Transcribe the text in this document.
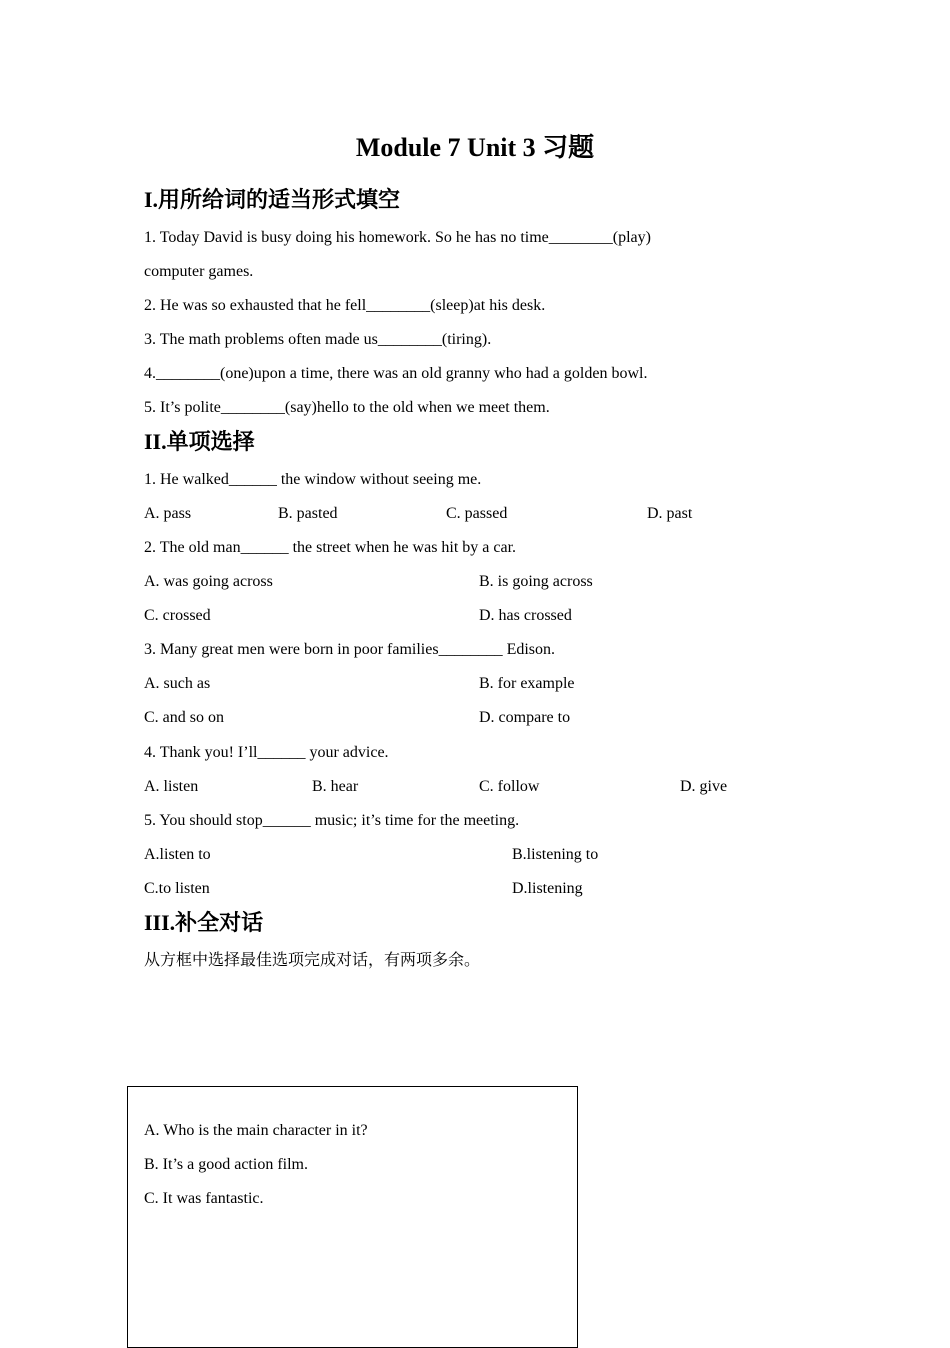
Module 7 Unit 3 习题
I.用所给词的适当形式填空
1. Today David is busy doing his homework. So he has no time________(play)
computer games.
2. He was so exhausted that he fell________(sleep)at his desk.
3. The math problems often made us________(tiring).
4.________(one)upon a time, there was an old granny who had a golden bowl.
5. It’s polite________(say)hello to the old when we meet them.
II.单项选择
1. He walked______ the window without seeing me.
A. pass	B. pasted	C. passed	D. past
2. The old man______ the street when he was hit by a car.
A. was going across	B. is going across
C. crossed	D. has crossed
3. Many great men were born in poor families________ Edison.
A. such as	B. for example
C. and so on	D. compare to
4. Thank you! I’ll______ your advice.
A. listen	B. hear	C. follow	D. give
5. You should stop______ music; it’s time for the meeting.
A.listen to	B.listening to
C.to listen	D.listening
III.补全对话
从方框中选择最佳选项完成对话，有两项多余。
A. Who is the main character in it?
B. It’s a good action film.
C. It was fantastic.
